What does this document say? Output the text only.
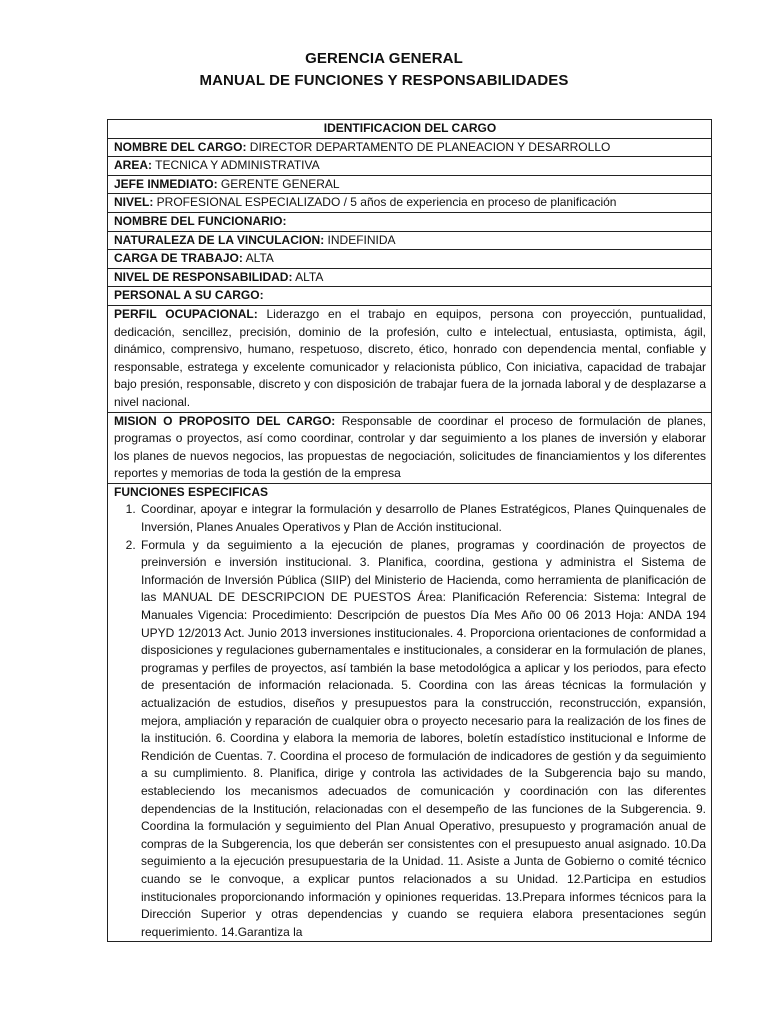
GERENCIA GENERAL
MANUAL DE FUNCIONES Y RESPONSABILIDADES
IDENTIFICACION DEL CARGO
NOMBRE DEL CARGO: DIRECTOR DEPARTAMENTO DE PLANEACION Y DESARROLLO
AREA: TECNICA Y ADMINISTRATIVA
JEFE INMEDIATO: GERENTE GENERAL
NIVEL: PROFESIONAL ESPECIALIZADO / 5 años de experiencia en proceso de planificación
NOMBRE DEL FUNCIONARIO:
NATURALEZA DE LA VINCULACION: INDEFINIDA
CARGA DE TRABAJO: ALTA
NIVEL DE RESPONSABILIDAD: ALTA
PERSONAL A SU CARGO:
PERFIL OCUPACIONAL: Liderazgo en el trabajo en equipos, persona con proyección, puntualidad, dedicación, sencillez, precisión, dominio de la profesión, culto e intelectual, entusiasta, optimista, ágil, dinámico, comprensivo, humano, respetuoso, discreto, ético, honrado con dependencia mental, confiable y responsable, estratega y excelente comunicador y relacionista público, Con iniciativa, capacidad de trabajar bajo presión, responsable, discreto y con disposición de trabajar fuera de la jornada laboral y de desplazarse a nivel nacional.
MISION O PROPOSITO DEL CARGO: Responsable de coordinar el proceso de formulación de planes, programas o proyectos, así como coordinar, controlar y dar seguimiento a los planes de inversión y elaborar los planes de nuevos negocios, las propuestas de negociación, solicitudes de financiamientos y los diferentes reportes y memorias de toda la gestión de la empresa

FUNCIONES ESPECIFICAS
1. Coordinar, apoyar e integrar la formulación y desarrollo de Planes Estratégicos, Planes Quinquenales de Inversión, Planes Anuales Operativos y Plan de Acción institucional.
2. Formula y da seguimiento a la ejecución de planes, programas y coordinación de proyectos de preinversión e inversión institucional. 3. Planifica, coordina, gestiona y administra el Sistema de Información de Inversión Pública (SIIP) del Ministerio de Hacienda, como herramienta de planificación de las MANUAL DE DESCRIPCION DE PUESTOS Área: Planificación Referencia: Sistema: Integral de Manuales Vigencia: Procedimiento: Descripción de puestos Día Mes Año 00 06 2013 Hoja: ANDA 194 UPYD 12/2013 Act. Junio 2013 inversiones institucionales. 4. Proporciona orientaciones de conformidad a disposiciones y regulaciones gubernamentales e institucionales, a considerar en la formulación de planes, programas y perfiles de proyectos, así también la base metodológica a aplicar y los periodos, para efecto de presentación de información relacionada. 5. Coordina con las áreas técnicas la formulación y actualización de estudios, diseños y presupuestos para la construcción, reconstrucción, expansión, mejora, ampliación y reparación de cualquier obra o proyecto necesario para la realización de los fines de la institución. 6. Coordina y elabora la memoria de labores, boletín estadístico institucional e Informe de Rendición de Cuentas. 7. Coordina el proceso de formulación de indicadores de gestión y da seguimiento a su cumplimiento. 8. Planifica, dirige y controla las actividades de la Subgerencia bajo su mando, estableciendo los mecanismos adecuados de comunicación y coordinación con las diferentes dependencias de la Institución, relacionadas con el desempeño de las funciones de la Subgerencia. 9. Coordina la formulación y seguimiento del Plan Anual Operativo, presupuesto y programación anual de compras de la Subgerencia, los que deberán ser consistentes con el presupuesto anual asignado. 10.Da seguimiento a la ejecución presupuestaria de la Unidad. 11. Asiste a Junta de Gobierno o comité técnico cuando se le convoque, a explicar puntos relacionados a su Unidad. 12.Participa en estudios institucionales proporcionando información y opiniones requeridas. 13.Prepara informes técnicos para la Dirección Superior y otras dependencias y cuando se requiera elabora presentaciones según requerimiento. 14.Garantiza la
